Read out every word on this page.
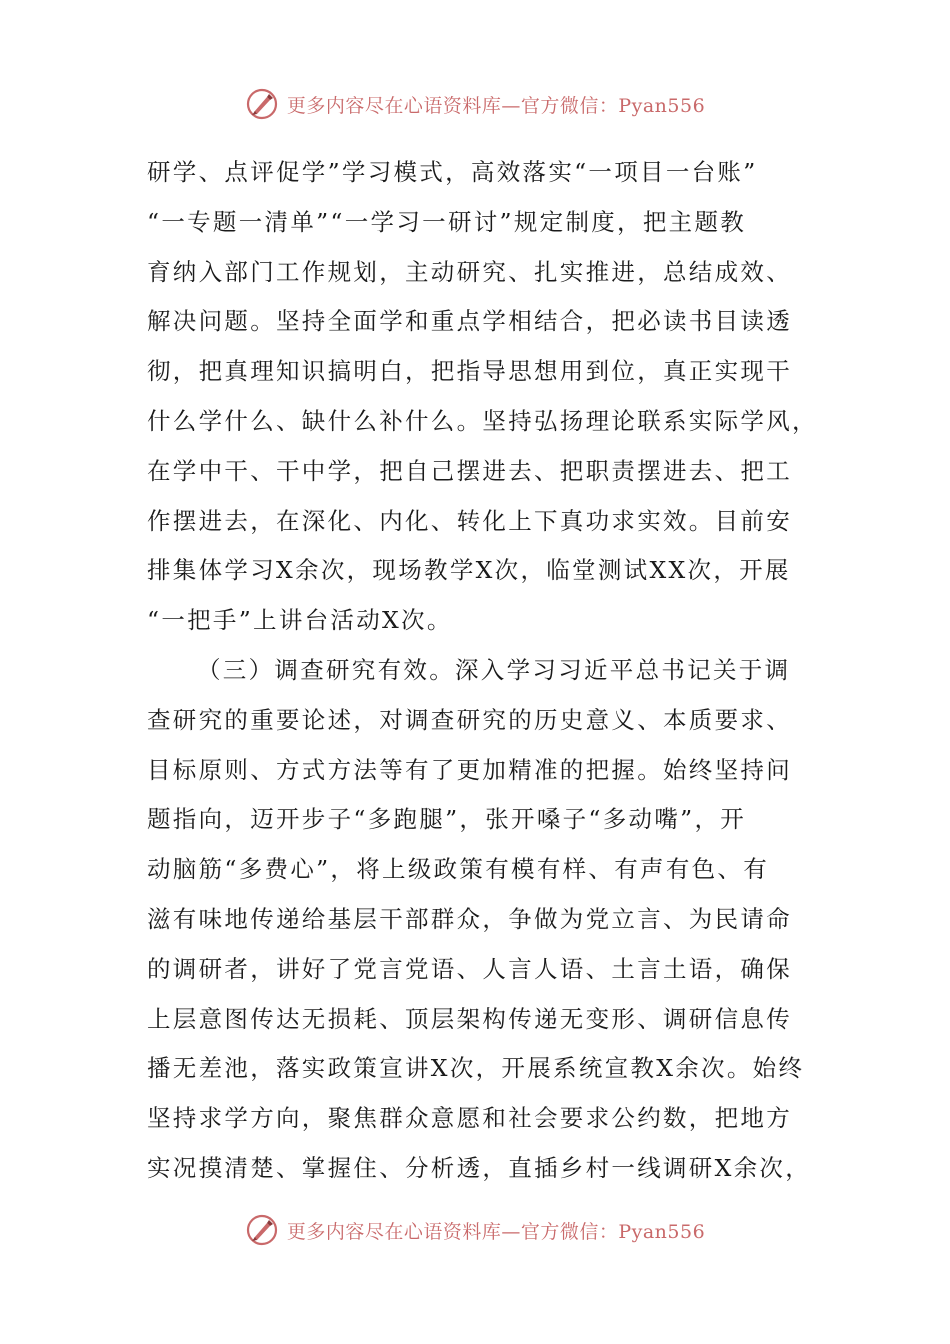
更多内容尽在心语资料库—官方微信：Pyan556
研学、点评促学”学习模式，高效落实“一项目一台账”
“一专题一清单”“一学习一研讨”规定制度，把主题教
育纳入部门工作规划，主动研究、扎实推进，总结成效、
解决问题。坚持全面学和重点学相结合，把必读书目读透
彻，把真理知识搞明白，把指导思想用到位，真正实现干
什么学什么、缺什么补什么。坚持弘扬理论联系实际学风，
在学中干、干中学，把自己摆进去、把职责摆进去、把工
作摆进去，在深化、内化、转化上下真功求实效。目前安
排集体学习X余次，现场教学X次，临堂测试XX次，开展
“一把手”上讲台活动X次。
（三）调查研究有效。深入学习习近平总书记关于调
查研究的重要论述，对调查研究的历史意义、本质要求、
目标原则、方式方法等有了更加精准的把握。始终坚持问
题指向，迈开步子“多跑腿”，张开嗓子“多动嘴”，开
动脑筋“多费心”，将上级政策有模有样、有声有色、有
滋有味地传递给基层干部群众，争做为党立言、为民请命
的调研者，讲好了党言党语、人言人语、土言土语，确保
上层意图传达无损耗、顶层架构传递无变形、调研信息传
播无差池，落实政策宣讲X次，开展系统宣教X余次。始终
坚持求学方向，聚焦群众意愿和社会要求公约数，把地方
实况摸清楚、掌握住、分析透，直插乡村一线调研X余次，
更多内容尽在心语资料库—官方微信：Pyan556
